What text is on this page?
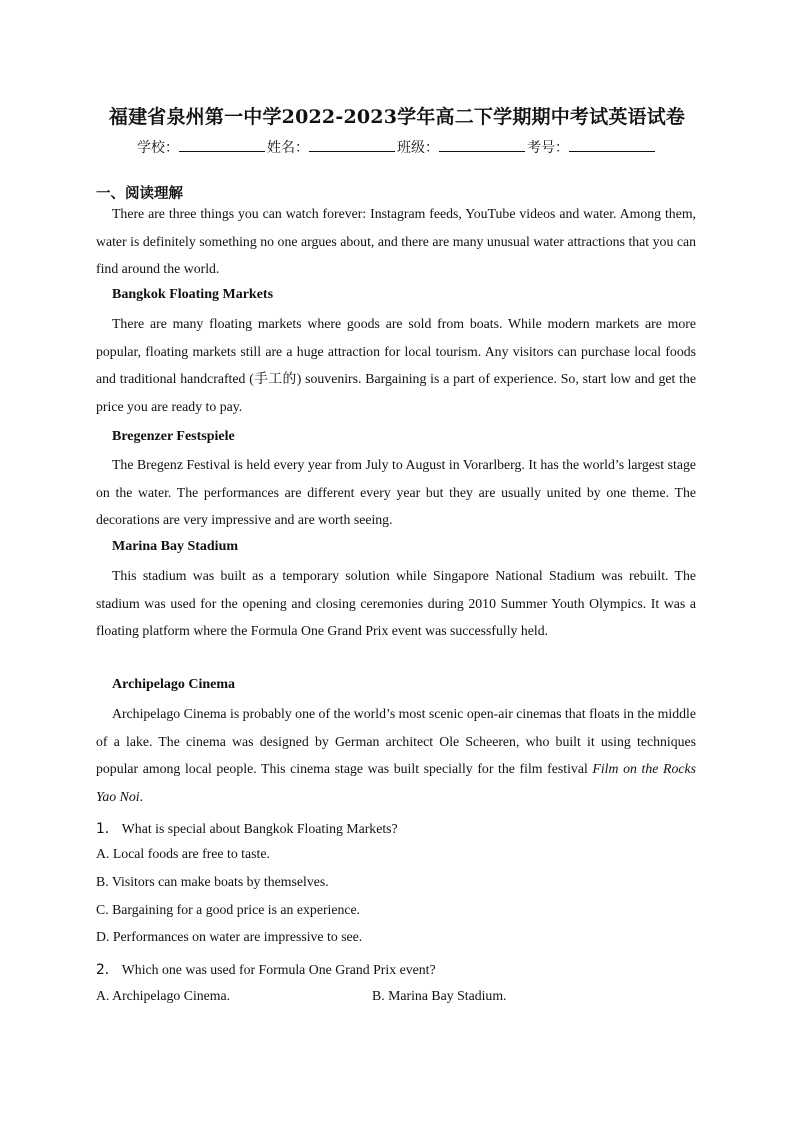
福建省泉州第一中学2022-2023学年高二下学期期中考试英语试卷
学校：	姓名：	班级：	考号：
一、阅读理解

There are three things you can watch forever: Instagram feeds, YouTube videos and water. Among them, water is definitely something no one argues about, and there are many unusual water attractions that you can find around the world.

Bangkok Floating Markets

There are many floating markets where goods are sold from boats. While modern markets are more popular, floating markets still are a huge attraction for local tourism. Any visitors can purchase local foods and traditional handcrafted (手工的) souvenirs. Bargaining is a part of experience. So, start low and get the price you are ready to pay.

Bregenzer Festspiele

The Bregenz Festival is held every year from July to August in Vorarlberg. It has the world’s largest stage on the water. The performances are different every year but they are usually united by one theme. The decorations are very impressive and are worth seeing.

Marina Bay Stadium

This stadium was built as a temporary solution while Singapore National Stadium was rebuilt. The stadium was used for the opening and closing ceremonies during 2010 Summer Youth Olympics. It was a floating platform where the Formula One Grand Prix event was successfully held.

Archipelago Cinema

Archipelago Cinema is probably one of the world’s most scenic open-air cinemas that floats in the middle of a lake. The cinema was designed by German architect Ole Scheeren, who built it using techniques popular among local people. This cinema stage was built specially for the film festival Film on the Rocks Yao Noi.

1． What is special about Bangkok Floating Markets?
A. Local foods are free to taste.
B. Visitors can make boats by themselves.
C. Bargaining for a good price is an experience.
D. Performances on water are impressive to see.
2． Which one was used for Formula One Grand Prix event?
A. Archipelago Cinema.	B. Marina Bay Stadium.
